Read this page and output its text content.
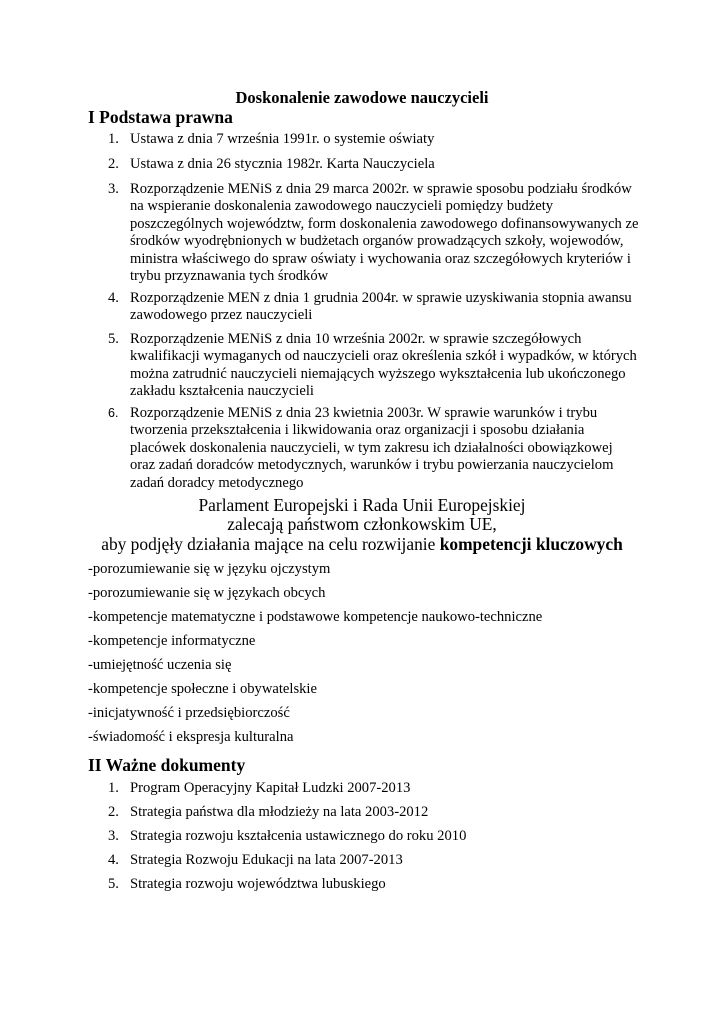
Doskonalenie zawodowe nauczycieli
I Podstawa prawna
1. Ustawa z dnia 7 września 1991r. o systemie oświaty
2. Ustawa z dnia 26 stycznia 1982r. Karta Nauczyciela
3. Rozporządzenie MENiS z dnia 29 marca 2002r. w sprawie sposobu podziału środków
na wspieranie doskonalenia zawodowego nauczycieli pomiędzy budżety
poszczególnych województw, form doskonalenia zawodowego dofinansowywanych ze
środków wyodrębnionych w budżetach organów prowadzących szkoły, wojewodów,
ministra właściwego do spraw oświaty i wychowania oraz szczegółowych kryteriów i
trybu przyznawania tych środków
4. Rozporządzenie MEN z dnia 1 grudnia 2004r. w sprawie uzyskiwania stopnia awansu
zawodowego przez nauczycieli
5. Rozporządzenie MENiS z dnia 10 września 2002r. w sprawie szczegółowych
kwalifikacji wymaganych od nauczycieli oraz określenia szkół i wypadków, w których
można zatrudnić nauczycieli niemających wyższego wykształcenia lub ukończonego
zakładu kształcenia nauczycieli
6. Rozporządzenie MENiS z dnia 23 kwietnia 2003r. W sprawie warunków i trybu
tworzenia przekształcenia i likwidowania oraz organizacji i sposobu działania
placówek doskonalenia nauczycieli, w tym zakresu ich działalności obowiązkowej
oraz zadań doradców metodycznych, warunków i trybu powierzania nauczycielom
zadań doradcy metodycznego
Parlament Europejski i Rada Unii Europejskiej
zalecają państwom członkowskim UE,
aby podjęły działania mające na celu rozwijanie kompetencji kluczowych
-porozumiewanie się w języku ojczystym
-porozumiewanie się w językach obcych
-kompetencje matematyczne i podstawowe kompetencje naukowo-techniczne
-kompetencje informatyczne
-umiejętność uczenia się
-kompetencje społeczne i obywatelskie
-inicjatywność i przedsiębiorczość
-świadomość i ekspresja kulturalna
II Ważne dokumenty
1. Program Operacyjny Kapitał Ludzki 2007-2013
2. Strategia państwa dla młodzieży na lata 2003-2012
3. Strategia rozwoju kształcenia ustawicznego do roku 2010
4. Strategia Rozwoju Edukacji na lata 2007-2013
5. Strategia rozwoju województwa lubuskiego
